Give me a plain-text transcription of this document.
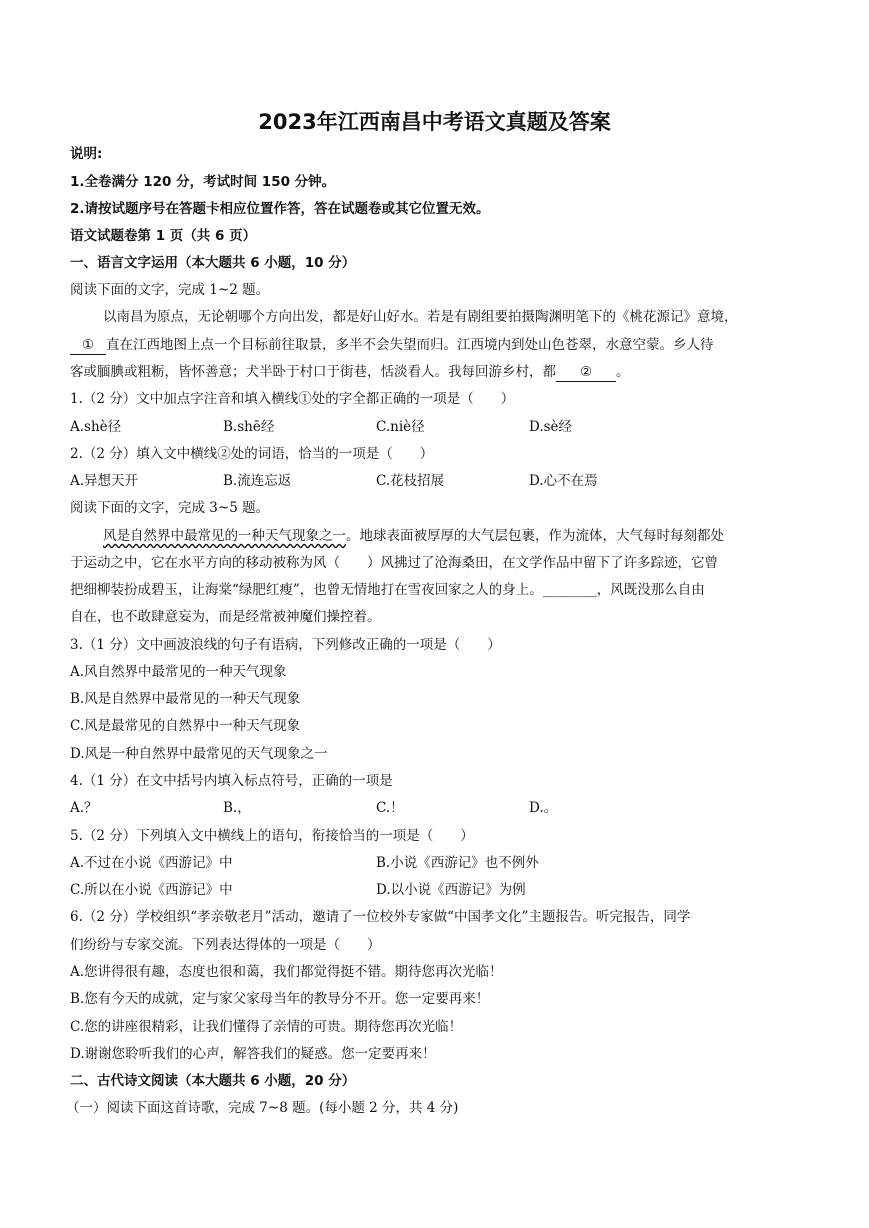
2023年江西南昌中考语文真题及答案
说明:
1.全卷满分 120 分，考试时间 150 分钟。
2.请按试题序号在答题卡相应位置作答，答在试题卷或其它位置无效。
语文试题卷第 1 页（共 6 页）
一、语言文字运用（本大题共 6 小题，10 分）
阅读下面的文字，完成 1~2 题。
以南昌为原点，无论朝哪个方向出发，都是好山好水。若是有剧组要拍摄陶渊明笔下的《桃花源记》意境，
① 直在江西地图上点一个目标前往取景，多半不会失望而归。江西境内到处山色苍翠，水意空蒙。乡人待
客或腼腆或粗粝，皆怀善意；犬半卧于村口于街巷，恬淡看人。我每回游乡村，都 ② 。
1.（2 分）文中加点字注音和填入横线①处的字全都正确的一项是（　　）
A.shè径	B.shē经	C.niè径	D.sè经
2.（2 分）填入文中横线②处的词语，恰当的一项是（　　）
A.异想天开	B.流连忘返	C.花枝招展	D.心不在焉
阅读下面的文字，完成 3~5 题。
风是自然界中最常见的一种天气现象之一。地球表面被厚厚的大气层包裹，作为流体，大气每时每刻都处
于运动之中，它在水平方向的移动被称为风（　　）风拂过了沧海桑田，在文学作品中留下了许多踪迹，它曾
把细柳装扮成碧玉，让海棠“绿肥红瘦”，也曾无情地打在雪夜回家之人的身上。________，风既没那么自由
自在，也不敢肆意妄为，而是经常被神魔们操控着。
3.（1 分）文中画波浪线的句子有语病，下列修改正确的一项是（　　）
A.风自然界中最常见的一种天气现象
B.风是自然界中最常见的一种天气现象
C.风是最常见的自然界中一种天气现象
D.风是一种自然界中最常见的天气现象之一
4.（1 分）在文中括号内填入标点符号，正确的一项是
A.？	B.，	C.！	D.。
5.（2 分）下列填入文中横线上的语句，衔接恰当的一项是（　　）
A.不过在小说《西游记》中	B.小说《西游记》也不例外
C.所以在小说《西游记》中	D.以小说《西游记》为例
6.（2 分）学校组织“孝亲敬老月”活动，邀请了一位校外专家做“中国孝文化”主题报告。听完报告，同学
们纷纷与专家交流。下列表达得体的一项是（　　）
A.您讲得很有趣，态度也很和蔼，我们都觉得挺不错。期待您再次光临！
B.您有今天的成就，定与家父家母当年的教导分不开。您一定要再来！
C.您的讲座很精彩，让我们懂得了亲情的可贵。期待您再次光临！
D.谢谢您聆听我们的心声，解答我们的疑惑。您一定要再来！
二、古代诗文阅读（本大题共 6 小题，20 分）
（一）阅读下面这首诗歌，完成 7~8 题。(每小题 2 分，共 4 分)
